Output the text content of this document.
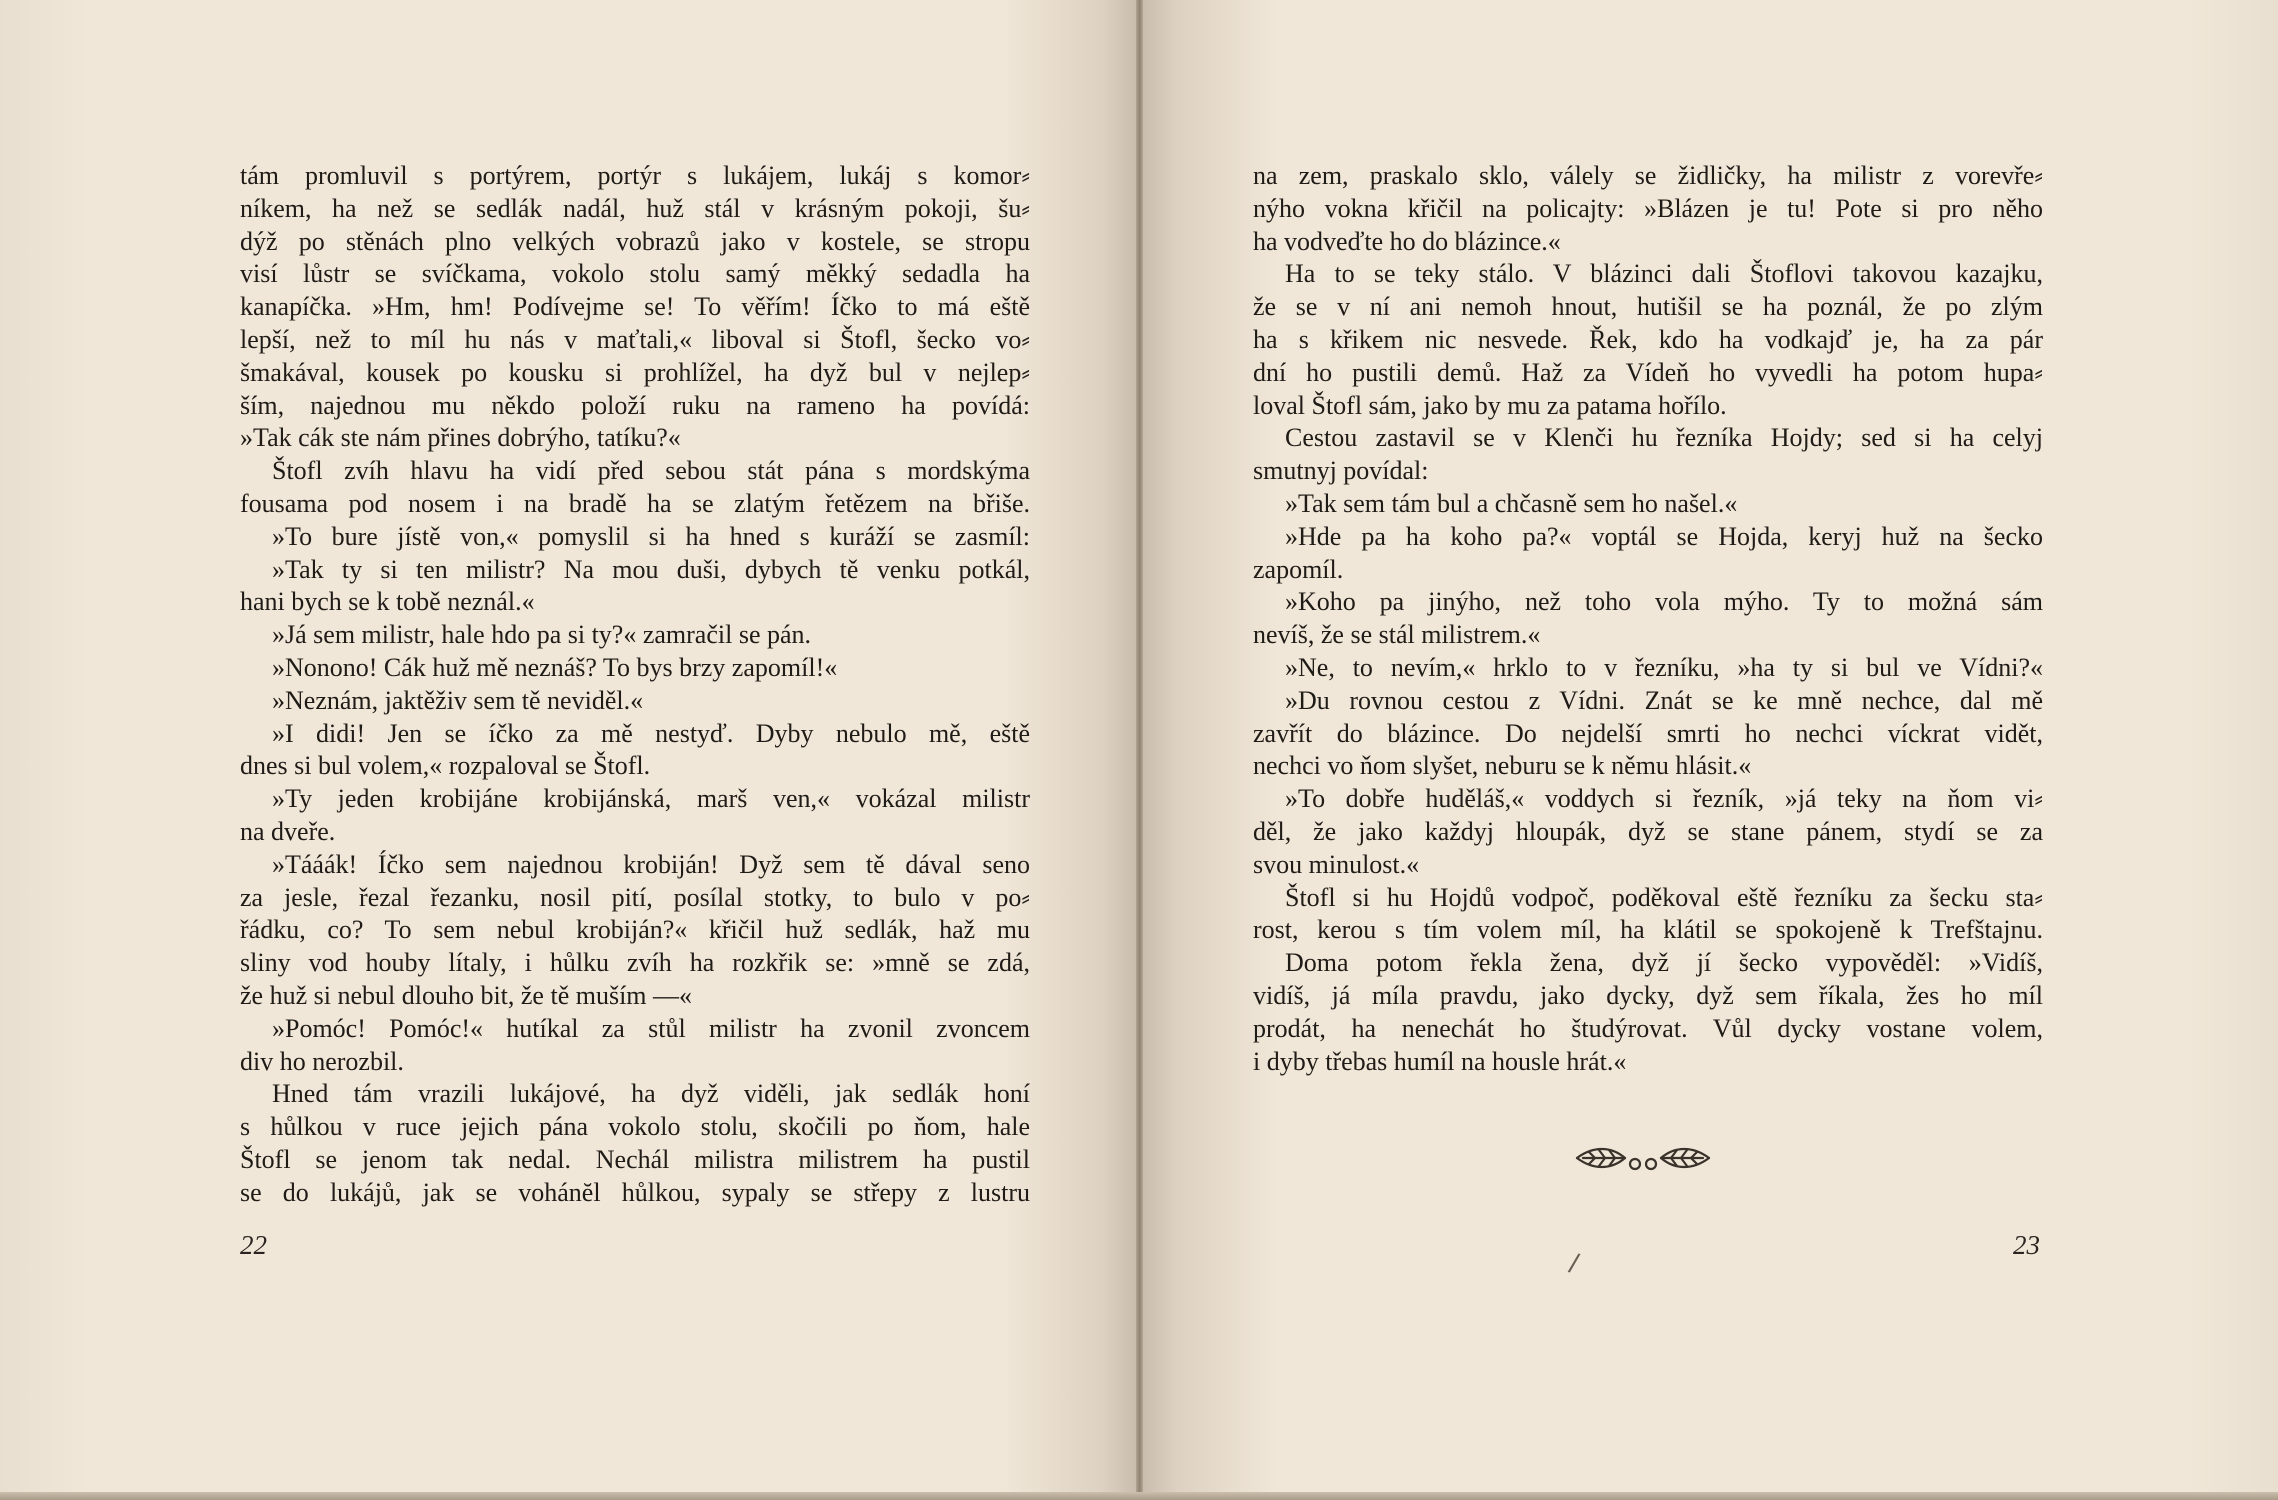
tám promluvil s portýrem, portýr s lukájem, lukáj s komor⸗

níkem, ha než se sedlák nadál, huž stál v krásným pokoji, šu⸗

dýž po stěnách plno velkých vobrazů jako v kostele, se stropu

visí lůstr se svíčkama, vokolo stolu samý měkký sedadla ha

kanapíčka. »Hm, hm! Podívejme se! To věřím! Íčko to má eště

lepší, než to míl hu nás v maťtali,« liboval si Štofl, šecko vo⸗

šmakával, kousek po kousku si prohlížel, ha dyž bul v nejlep⸗

ším, najednou mu někdo položí ruku na rameno ha povídá:

»Tak cák ste nám přines dobrýho, tatíku?«

Štofl zvíh hlavu ha vidí před sebou stát pána s mordskýma

fousama pod nosem i na bradě ha se zlatým řetězem na břiše.

»To bure jístě von,« pomyslil si ha hned s kuráží se zasmíl:

»Tak ty si ten milistr? Na mou duši, dybych tě venku potkál,

hani bych se k tobě neznál.«

»Já sem milistr, hale hdo pa si ty?« zamračil se pán.

»Nonono! Cák huž mě neznáš? To bys brzy zapomíl!«

»Neznám, jaktěživ sem tě neviděl.«

»I didi! Jen se íčko za mě nestyď. Dyby nebulo mě, eště

dnes si bul volem,« rozpaloval se Štofl.

»Ty jeden krobijáne krobijánská, marš ven,« vokázal milistr

na dveře.

»Tááák! Íčko sem najednou krobiján! Dyž sem tě dával seno

za jesle, řezal řezanku, nosil pití, posílal stotky, to bulo v po⸗

řádku, co? To sem nebul krobiján?« křičil huž sedlák, haž mu

sliny vod houby lítaly, i hůlku zvíh ha rozkřik se: »mně se zdá,

že huž si nebul dlouho bit, že tě muším —«

»Pomóc! Pomóc!« hutíkal za stůl milistr ha zvonil zvoncem

div ho nerozbil.

Hned tám vrazili lukájové, ha dyž viděli, jak sedlák honí

s hůlkou v ruce jejich pána vokolo stolu, skočili po ňom, hale

Štofl se jenom tak nedal. Nechál milistra milistrem ha pustil

se do lukájů, jak se vohánĕl hůlkou, sypaly se střepy z lustru

22

na zem, praskalo sklo, válely se židličky, ha milistr z vorevře⸗

nýho vokna křičil na policajty: »Blázen je tu! Pote si pro něho

ha vodveďte ho do blázince.«

Ha to se teky stálo. V blázinci dali Štoflovi takovou kazajku,

že se v ní ani nemoh hnout, hutišil se ha poznál, že po zlým

ha s křikem nic nesvede. Řek, kdo ha vodkajď je, ha za pár

dní ho pustili demů. Haž za Vídeň ho vyvedli ha potom hupa⸗

loval Štofl sám, jako by mu za patama hořílo.

Cestou zastavil se v Klenči hu řezníka Hojdy; sed si ha celyj

smutnyj povídal:

»Tak sem tám bul a chčasně sem ho našel.«

»Hde pa ha koho pa?« voptál se Hojda, keryj huž na šecko

zapomíl.

»Koho pa jinýho, než toho vola mýho. Ty to možná sám

nevíš, že se stál milistrem.«

»Ne, to nevím,« hrklo to v řezníku, »ha ty si bul ve Vídni?«

»Du rovnou cestou z Vídni. Znát se ke mně nechce, dal mě

zavřít do blázince. Do nejdelší smrti ho nechci víckrat vidět,

nechci vo ňom slyšet, neburu se k němu hlásit.«

»To dobře huděláš,« voddych si řezník, »já teky na ňom vi⸗

děl, že jako každyj hloupák, dyž se stane pánem, stydí se za

svou minulost.«

Štofl si hu Hojdů vodpoč, poděkoval eště řezníku za šecku sta⸗

rost, kerou s tím volem míl, ha klátil se spokojeně k Trefštajnu.

Doma potom řekla žena, dyž jí šecko vypověděl: »Vidíš,

vidíš, já míla pravdu, jako dycky, dyž sem říkala, žes ho míl

prodát, ha nenechát ho študýrovat. Vůl dycky vostane volem,

i dyby třebas humíl na housle hrát.«

/
23
